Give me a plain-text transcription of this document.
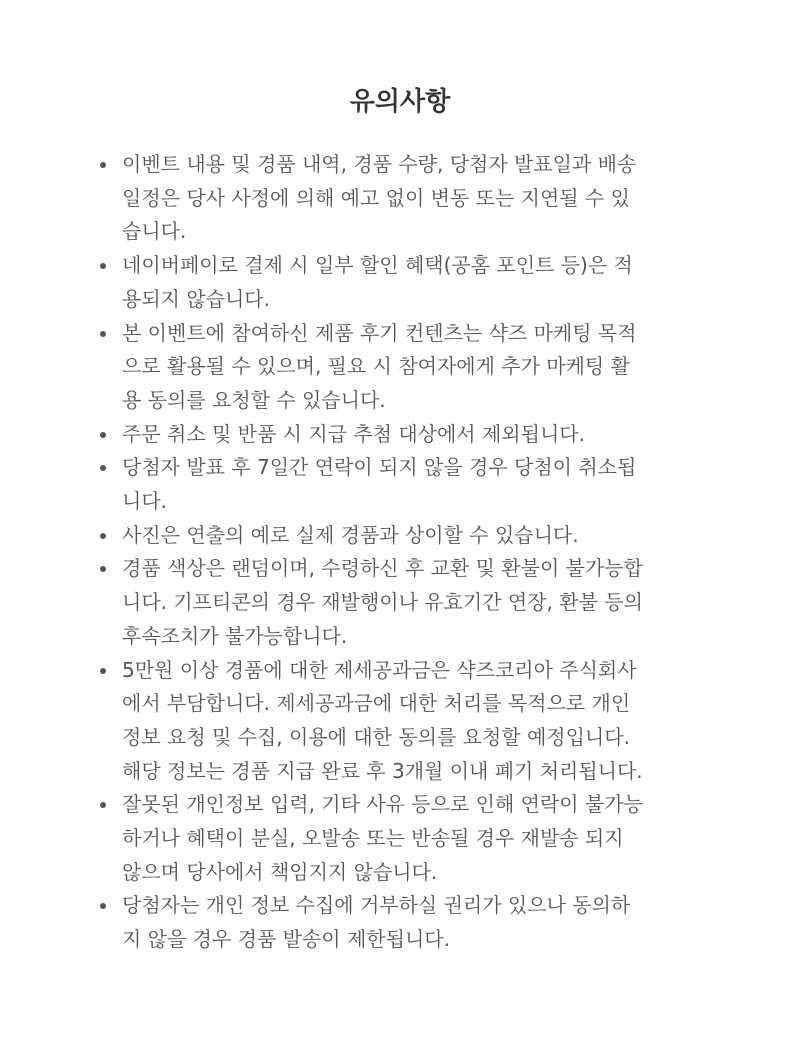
유의사항
이벤트 내용 및 경품 내역, 경품 수량, 당첨자 발표일과 배송
일정은 당사 사정에 의해 예고 없이 변동 또는 지연될 수 있
습니다.
네이버페이로 결제 시 일부 할인 혜택(공홈 포인트 등)은 적
용되지 않습니다.
본 이벤트에 참여하신 제품 후기 컨텐츠는 샥즈 마케팅 목적
으로 활용될 수 있으며, 필요 시 참여자에게 추가 마케팅 활
용 동의를 요청할 수 있습니다.
주문 취소 및 반품 시 지급 추첨 대상에서 제외됩니다.
당첨자 발표 후 7일간 연락이 되지 않을 경우 당첨이 취소됩
니다.
사진은 연출의 예로 실제 경품과 상이할 수 있습니다.
경품 색상은 랜덤이며, 수령하신 후 교환 및 환불이 불가능합
니다. 기프티콘의 경우 재발행이나 유효기간 연장, 환불 등의
후속조치가 불가능합니다.
5만원 이상 경품에 대한 제세공과금은 샥즈코리아 주식회사
에서 부담합니다. 제세공과금에 대한 처리를 목적으로 개인
정보 요청 및 수집, 이용에 대한 동의를 요청할 예정입니다.
해당 정보는 경품 지급 완료 후 3개월 이내 폐기 처리됩니다.
잘못된 개인정보 입력, 기타 사유 등으로 인해 연락이 불가능
하거나 혜택이 분실, 오발송 또는 반송될 경우 재발송 되지
않으며 당사에서 책임지지 않습니다.
당첨자는 개인 정보 수집에 거부하실 권리가 있으나 동의하
지 않을 경우 경품 발송이 제한됩니다.
